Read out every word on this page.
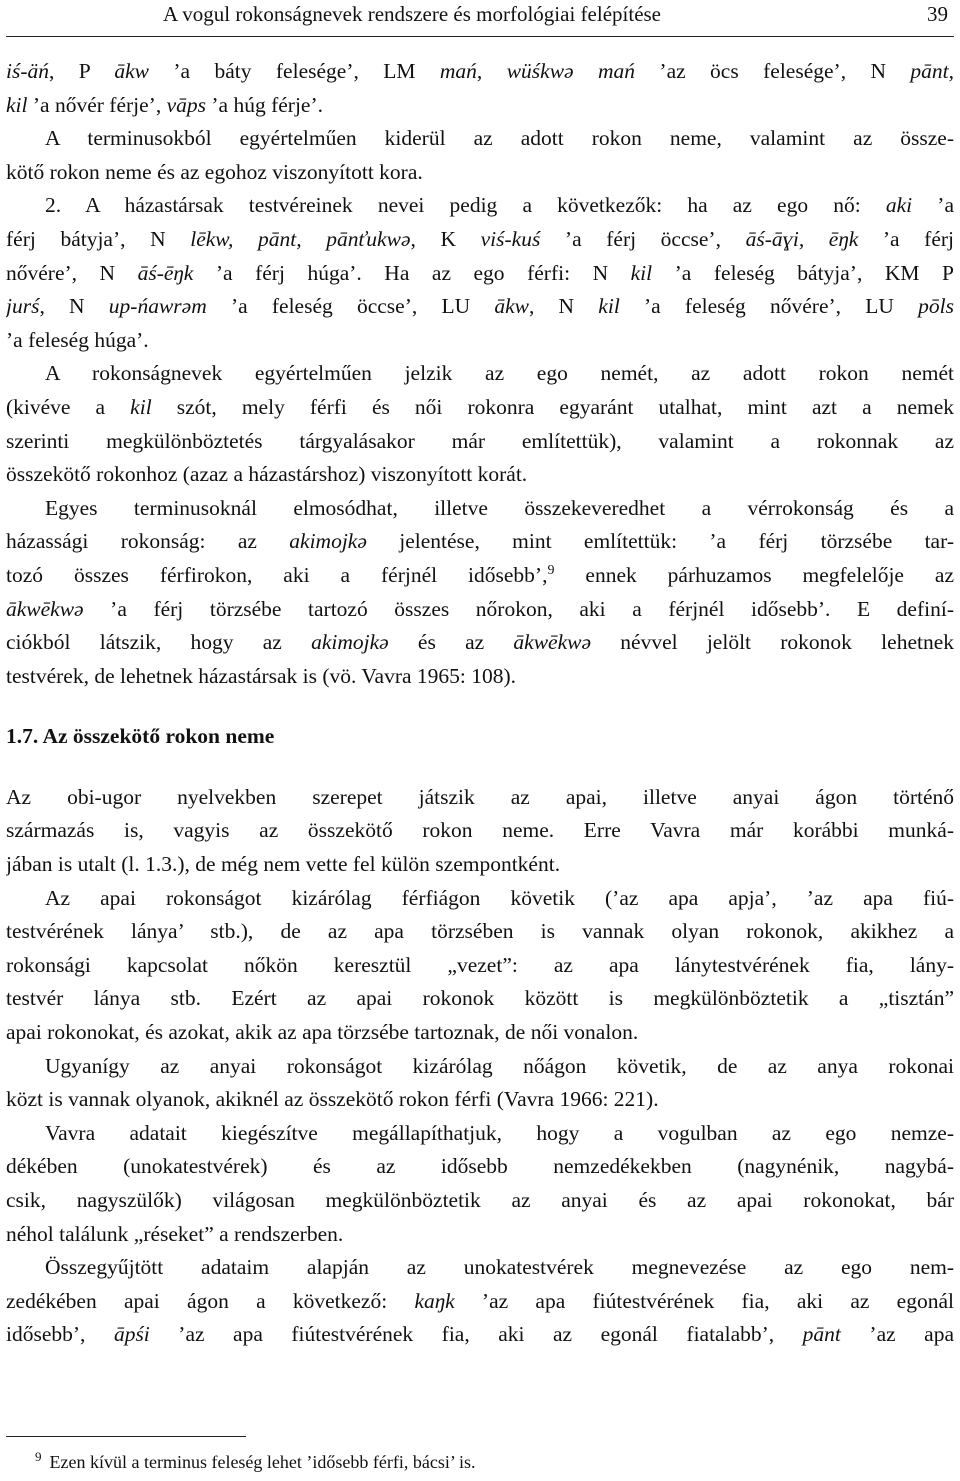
A vogul rokonságnevek rendszere és morfológiai felépítése	39
iś-äń, P ākw ’a báty felesége’, LM mań, wüśkwə mań ’az öcs felesége’, N pānt,
kil ’a nővér férje’, vāps ’a húg férje’.
A terminusokból egyértelműen kiderül az adott rokon neme, valamint az össze-
kötő rokon neme és az egohoz viszonyított kora.
2. A házastársak testvéreinek nevei pedig a következők: ha az ego nő: aki ’a
férj bátyja’, N lēkw, pānt, pānťukwə, K viś-kuś ’a férj öccse’, āś-āɣi, ēŋk ’a férj
nővére’, N āś-ēŋk ’a férj húga’. Ha az ego férfi: N kil ’a feleség bátyja’, KM P
jurś, N up-ńawrəm ’a feleség öccse’, LU ākw, N kil ’a feleség nővére’, LU pōls
’a feleség húga’.
A rokonságnevek egyértelműen jelzik az ego nemét, az adott rokon nemét
(kivéve a kil szót, mely férfi és női rokonra egyaránt utalhat, mint azt a nemek
szerinti megkülönböztetés tárgyalásakor már említettük), valamint a rokonnak az
összekötő rokonhoz (azaz a házastárshoz) viszonyított korát.
Egyes terminusoknál elmosódhat, illetve összekeveredhet a vérrokonság és a
házassági rokonság: az akimojkə jelentése, mint említettük: ’a férj törzsébe tar-
tozó összes férfirokon, aki a férjnél idősebb’,$^9$ ennek párhuzamos megfelelője az
ākwēkwə ’a férj törzsébe tartozó összes nőrokon, aki a férjnél idősebb’. E definí-
ciókból látszik, hogy az akimojkə és az ākwēkwə névvel jelölt rokonok lehetnek
testvérek, de lehetnek házastársak is (vö. Vavra 1965: 108).
1.7. Az összekötő rokon neme
Az obi-ugor nyelvekben szerepet játszik az apai, illetve anyai ágon történő
származás is, vagyis az összekötő rokon neme. Erre Vavra már korábbi munká-
jában is utalt (l. 1.3.), de még nem vette fel külön szempontként.
Az apai rokonságot kizárólag férfiágon követik (’az apa apja’, ’az apa fiú-
testvérének lánya’ stb.), de az apa törzsében is vannak olyan rokonok, akikhez a
rokonsági kapcsolat nőkön keresztül „vezet”: az apa lánytestvérének fia, lány-
testvér lánya stb. Ezért az apai rokonok között is megkülönböztetik a „tisztán”
apai rokonokat, és azokat, akik az apa törzsébe tartoznak, de női vonalon.
Ugyanígy az anyai rokonságot kizárólag nőágon követik, de az anya rokonai
közt is vannak olyanok, akiknél az összekötő rokon férfi (Vavra 1966: 221).
Vavra adatait kiegészítve megállapíthatjuk, hogy a vogulban az ego nemze-
dékében (unokatestvérek) és az idősebb nemzedékekben (nagynénik, nagybá-
csik, nagyszülők) világosan megkülönböztetik az anyai és az apai rokonokat, bár
néhol találunk „réseket” a rendszerben.
Összegyűjtött adataim alapján az unokatestvérek megnevezése az ego nem-
zedékében apai ágon a következő: kaŋk ’az apa fiútestvérének fia, aki az egonál
idősebb’, āpśi ’az apa fiútestvérének fia, aki az egonál fiatalabb’, pānt ’az apa
$^9$ Ezen kívül a terminus feleség lehet ’idősebb férfi, bácsi’ is.
